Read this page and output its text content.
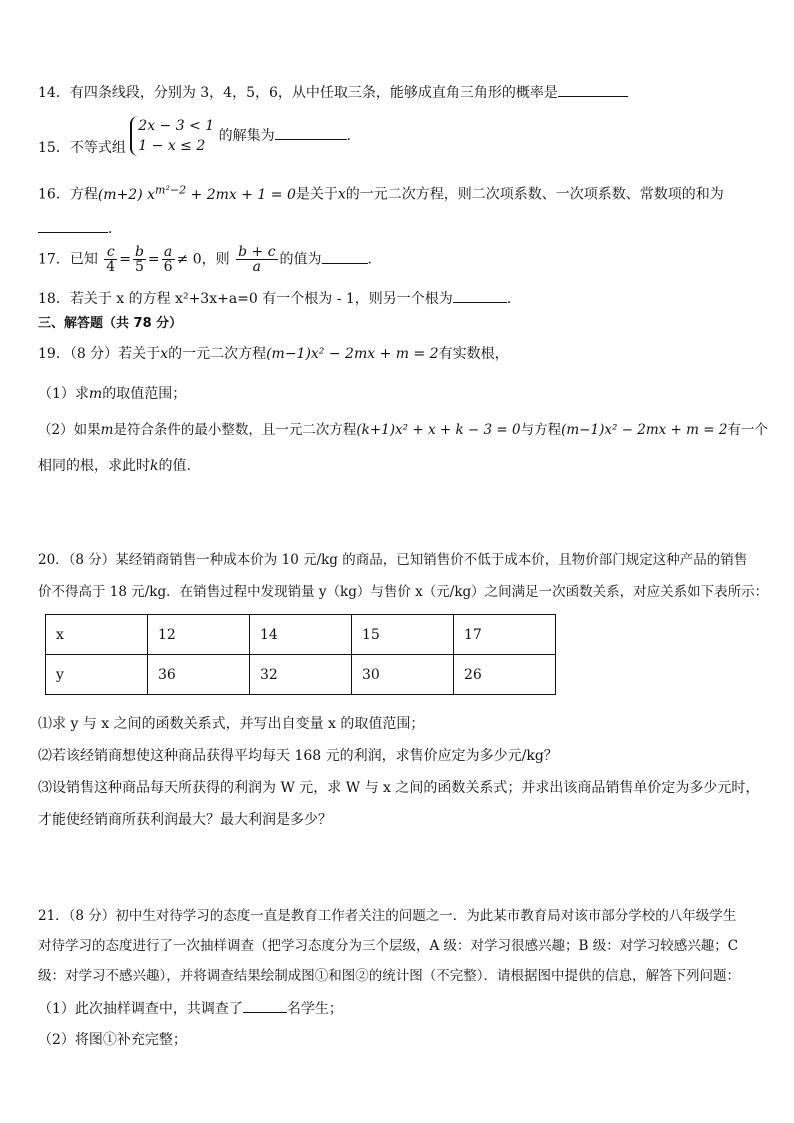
14．有四条线段，分别为 3，4，5，6，从中任取三条，能够成直角三角形的概率是
15．不等式组
2x − 3 < 1
1 − x ≤ 2
的解集为	．
16．方程(m+2) $x^{m^2-2} + 2mx + 1 = 0$是关于x的一元二次方程，则二次项系数、一次项系数、常数项的和为
．
17．已知 $\frac{c}{4} = \frac{b}{5} = \frac{a}{6} \ne 0$，则 $\frac{b + c}{a}$ 的值为	．
18．若关于 x 的方程 x²+3x+a=0 有一个根为 - 1，则另一个根为	．
三、解答题（共 78 分）
19．（8 分）若关于x的一元二次方程(m−1)x² − 2mx + m = 2有实数根，
（1）求m的取值范围；
（2）如果m是符合条件的最小整数，且一元二次方程(k+1)x² + x + k − 3 = 0与方程(m−1)x² − 2mx + m = 2有一个
相同的根，求此时k的值.
20．（8 分）某经销商销售一种成本价为 10 元/kg 的商品，已知销售价不低于成本价，且物价部门规定这种产品的销售
价不得高于 18 元/kg．在销售过程中发现销量 y（kg）与售价 x（元/kg）之间满足一次函数关系，对应关系如下表所示：
x	12	14	15	17
y	36	32	30	26
⑴求 y 与 x 之间的函数关系式，并写出自变量 x 的取值范围；
⑵若该经销商想使这种商品获得平均每天 168 元的利润，求售价应定为多少元/kg？
⑶设销售这种商品每天所获得的利润为 W 元，求 W 与 x 之间的函数关系式；并求出该商品销售单价定为多少元时，
才能使经销商所获利润最大？最大利润是多少？
21．（8 分）初中生对待学习的态度一直是教育工作者关注的问题之一．为此某市教育局对该市部分学校的八年级学生
对待学习的态度进行了一次抽样调查（把学习态度分为三个层级，A 级：对学习很感兴趣；B 级：对学习较感兴趣；C
级：对学习不感兴趣），并将调查结果绘制成图①和图②的统计图（不完整）．请根据图中提供的信息，解答下列问题：
（1）此次抽样调查中，共调查了	名学生；
（2）将图①补充完整；
